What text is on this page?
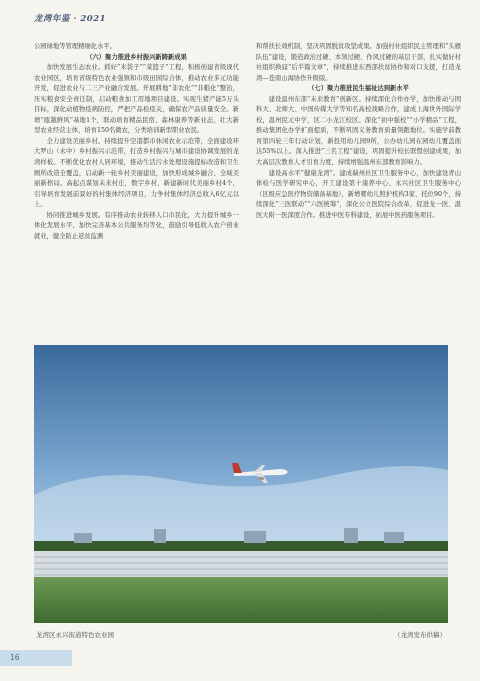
龙湾年鉴 · 2021

公园绿地等管理精细化水平。

（六）聚力推进乡村振兴新跨新成果

加快发展生态农业。抓好“米袋子”“菜篮子”工程，积极创建省级现代农业园区，培育省级特色农业强镇和市级田园综合体，推动农业多元功能开发，促进农业与二三产业融合发展。开展耕地“非农化”“非粮化”整治，压实粮食安全责任制，启动粮食加工用地项目建设。实现生猪产能5万头目标，深化动植物疫病防控，严把产品检疫关，确保农产品质量安全。新增“瓯越鲜风”基地1个，联动培育精品民宿、森林康养等新业态，壮大新型农业经营主体，培育150名微农，分类培训新型职业农民。

全力建设美丽乡村。持续提升空港都市休闲农业示范带，全面建设环大罗山（永中）乡村振兴示范带，打造乡村振兴与城市建设协调发展的龙湾样板。不断优化农村人居环境，推动生活污水处理设施提标改造和卫生厕所改造全覆盖，启动新一轮乡村美丽建设，加快形成城乡融合、全域美丽新格局。高起点谋划未来村庄，数字乡村、新建新时代美丽乡村4个，引导培育发展前景好的村集体经济项目，力争村集体经济总收入6亿元以上。

协同推进城乡发展。有序推动农业转移人口市民化，大力提升城乡一体化发展水平，加快完善基本公共服务均等化，鼓励引导低收入农户创业就业，健全防止返贫监测

和帮扶长效机制，坚决巩固脱贫攻坚成果。加强村社组织民主管理和“头雁队伍”建设，锻造政治过硬、本领过硬、作风过硬的基层干部，扎实做好村社组织换届“后半篇文章”，持续推进东西部扶贫协作和对口支援，打造龙湾—苍南山海协作升级版。

（七）聚力推进民生福祉达到新水平

建设温州东部“未来教育”创新区。持续深化合作办学，加快推动与国科大、北师大、中国传媒大学等知名高校战略合作，建成上海世外国际学校，温州民元中学，区二小龙江校区。深化“初中强校”“小学精品”工程，推动集团化办学扩面提质，不断巩固义务教育质量领跑地位。实施学前教育第四轮三年行动计划，新投用幼儿园9所，公办幼儿园在园幼儿覆盖面达55%以上。深入推进“三名工程”建设，巩固提升校长联盟创建成果，加大高层次教育人才引育力度，持续增强温州东部教育影响力。

建设高水平“健康龙湾”。建成瑞州社区卫生服务中心，加快建设青山体检与医学研究中心，开工建设第十康养中心、永兴社区卫生服务中心（区级应急医疗物资储备基地），新增婴幼儿照护机构3家、托位90个，持续深化“三医联动”“六医统筹”，深化公立医院综合改革，促进龙一医、温医大附一医深度合作。推进中医专科建设，拓展中医药服务项目。

龙湾区永兴街道特色农业园	（龙湾发布供稿）
16
